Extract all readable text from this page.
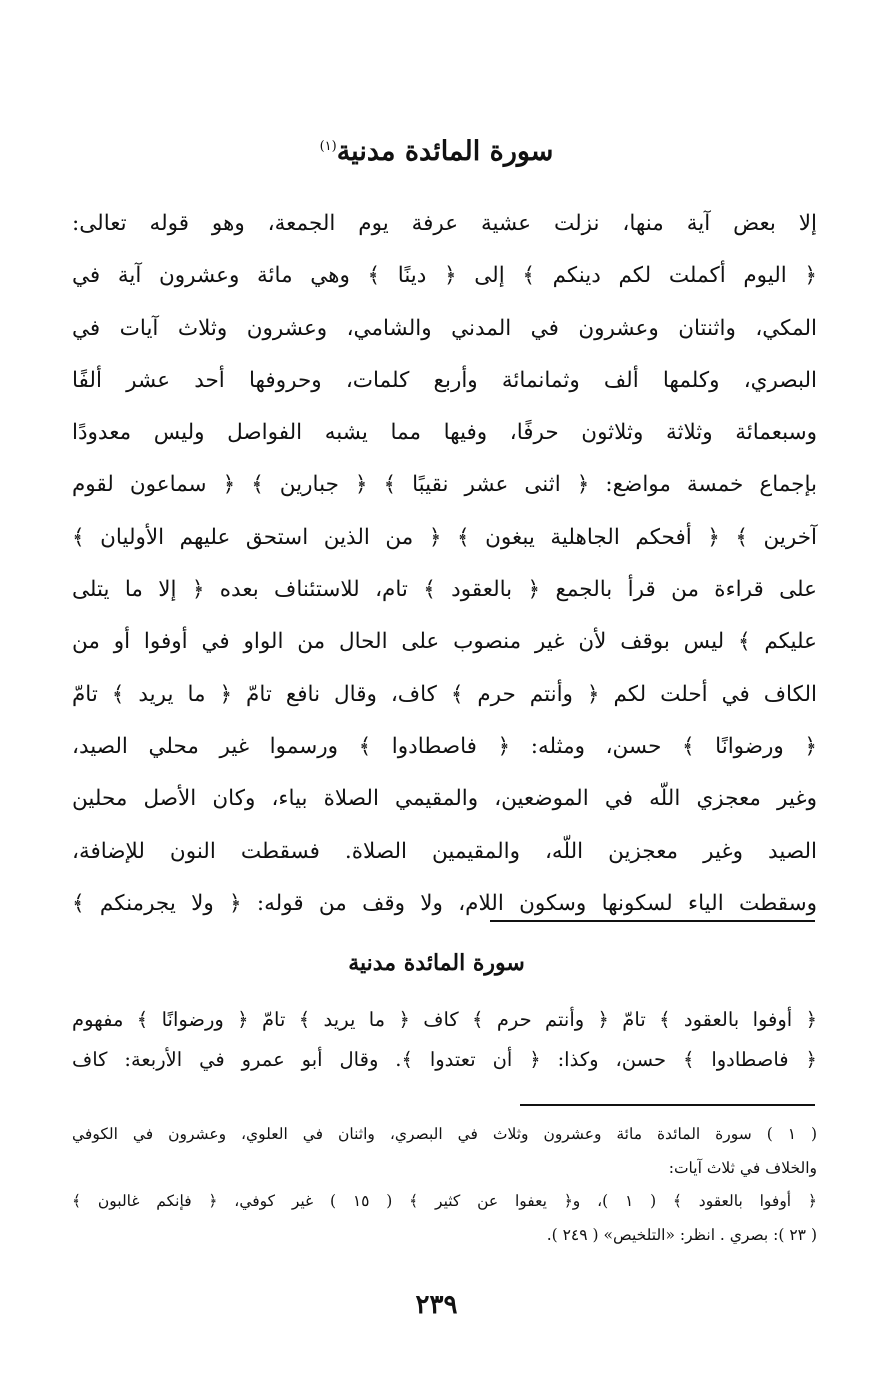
سورة المائدة مدنية$^{(١)}$
إلا بعض آية منها، نزلت عشية عرفة يوم الجمعة، وهو قوله تعالى:
﴿ اليوم أكملت لكم دينكم ﴾ إلى ﴿ دينًا ﴾ وهي مائة وعشرون آية في
المكي، واثنتان وعشرون في المدني والشامي، وعشرون وثلاث آيات في
البصري، وكلمها ألف وثمانمائة وأربع كلمات، وحروفها أحد عشر ألفًا
وسبعمائة وثلاثة وثلاثون حرفًا، وفيها مما يشبه الفواصل وليس معدودًا
بإجماع خمسة مواضع: ﴿ اثنى عشر نقيبًا ﴾ ﴿ جبارين ﴾ ﴿ سماعون لقوم
آخرين ﴾ ﴿ أفحكم الجاهلية يبغون ﴾ ﴿ من الذين استحق عليهم الأوليان ﴾
على قراءة من قرأ بالجمع ﴿ بالعقود ﴾ تام، للاستئناف بعده ﴿ إلا ما يتلى
عليكم ﴾ ليس بوقف لأن غير منصوب على الحال من الواو في أوفوا أو من
الكاف في أحلت لكم ﴿ وأنتم حرم ﴾ كاف، وقال نافع تامّ ﴿ ما يريد ﴾ تامّ
﴿ ورضوانًا ﴾ حسن، ومثله: ﴿ فاصطادوا ﴾ ورسموا غير محلي الصيد،
وغير معجزي اللّه في الموضعين، والمقيمي الصلاة بياء، وكان الأصل محلين
الصيد وغير معجزين اللّه، والمقيمين الصلاة. فسقطت النون للإضافة،
وسقطت الياء لسكونها وسكون اللام، ولا وقف من قوله: ﴿ ولا يجرمنكم ﴾
سورة المائدة مدنية
﴿ أوفوا بالعقود ﴾ تامّ ﴿ وأنتم حرم ﴾ كاف ﴿ ما يريد ﴾ تامّ ﴿ ورضوانًا ﴾ مفهوم
﴿ فاصطادوا ﴾ حسن، وكذا: ﴿ أن تعتدوا ﴾. وقال أبو عمرو في الأربعة: كاف
( ١ ) سورة المائدة مائة وعشرون وثلاث في البصري، واثنان في العلوي، وعشرون في الكوفي
والخلاف في ثلاث آيات:
﴿ أوفوا بالعقود ﴾ ( ١ )، و﴿ يعفوا عن كثير ﴾ ( ١٥ ) غير كوفي، ﴿ فإنكم غالبون ﴾
( ٢٣ ): بصري . انظر: «التلخيص» ( ٢٤٩ ).
٢٣٩
